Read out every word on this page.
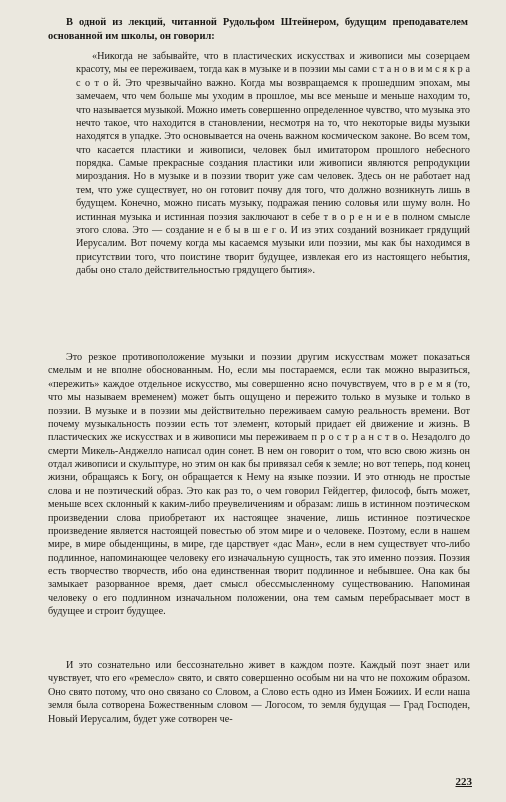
В одной из лекций, читанной Рудольфом Штейнером, будущим преподавателем основанной им школы, он говорил:

«Никогда не забывайте, что в пластических искусствах и живописи мы созерцаем красоту, мы ее переживаем, тогда как в музыке и в поэзии мы сами с т а н о в и м с я к р а с о т о й. Это чрезвычайно важно. Когда мы возвращаемся к прошедшим эпохам, мы замечаем, что чем больше мы уходим в прошлое, мы все меньше и меньше находим то, что называется музыкой. Можно иметь совершенно определенное чувство, что музыка это нечто такое, что находится в становлении, несмотря на то, что некоторые виды музыки находятся в упадке. Это основывается на очень важном космическом законе. Во всем том, что касается пластики и живописи, человек был имитатором прошлого небесного порядка. Самые прекрасные создания пластики или живописи являются репродукции мироздания. Но в музыке и в поэзии творит уже сам человек. Здесь он не работает над тем, что уже существует, но он готовит почву для того, что должно возникнуть лишь в будущем. Конечно, можно писать музыку, подражая пению соловья или шуму волн. Но истинная музыка и истинная поэзия заключают в себе т в о р е н и е в полном смысле этого слова. Это — создание н е б ы в ш е г о. И из этих созданий возникает грядущий Иерусалим. Вот почему когда мы касаемся музыки или поэзии, мы как бы находимся в присутствии того, что поистине творит будущее, извлекая его из настоящего небытия, дабы оно стало действительностью грядущего бытия».

Это резкое противоположение музыки и поэзии другим искусствам может показаться смелым и не вполне обоснованным. Но, если мы постараемся, если так можно выразиться, «пережить» каждое отдельное искусство, мы совершенно ясно почувствуем, что в р е м я (то, что мы называем временем) может быть ощущено и пережито только в музыке и только в поэзии. В музыке и в поэзии мы действительно переживаем самую реальность времени. Вот почему музыкальность поэзии есть тот элемент, который придает ей движение и жизнь. В пластических же искусствах и в живописи мы переживаем п р о с т р а н с т в о. Незадолго до смерти Микель-Анджелло написал один сонет. В нем он говорит о том, что всю свою жизнь он отдал живописи и скульптуре, но этим он как бы привязал себя к земле; но вот теперь, под конец жизни, обращаясь к Богу, он обращается к Нему на языке поэзии. И это отнюдь не простые слова и не поэтический образ. Это как раз то, о чем говорил Гейдеггер, философ, быть может, меньше всех склонный к каким-либо преувеличениям и образам: лишь в истинном поэтическом произведении слова приобретают их настоящее значение, лишь истинное поэтическое произведение является настоящей повестью об этом мире и о человеке. Поэтому, если в нашем мире, в мире обыденщины, в мире, где царствует «дас Ман», если в нем существует что-либо подлинное, напоминающее человеку его изначальную сущность, так это именно поэзия. Поэзия есть творчество творчеств, ибо она единственная творит подлинное и небывшее. Она как бы замыкает разорванное время, дает смысл обессмысленному существованию. Напоминая человеку о его подлинном изначальном положении, она тем самым перебрасывает мост в будущее и строит будущее.

И это сознательно или бессознательно живет в каждом поэте. Каждый поэт знает или чувствует, что его «ремесло» свято, и свято совершенно особым ни на что не похожим образом. Оно свято потому, что оно связано со Словом, а Слово есть одно из Имен Божиих. И если наша земля была сотворена Божественным словом — Логосом, то земля будущая — Град Господен, Новый Иерусалим, будет уже сотворен че-

223
